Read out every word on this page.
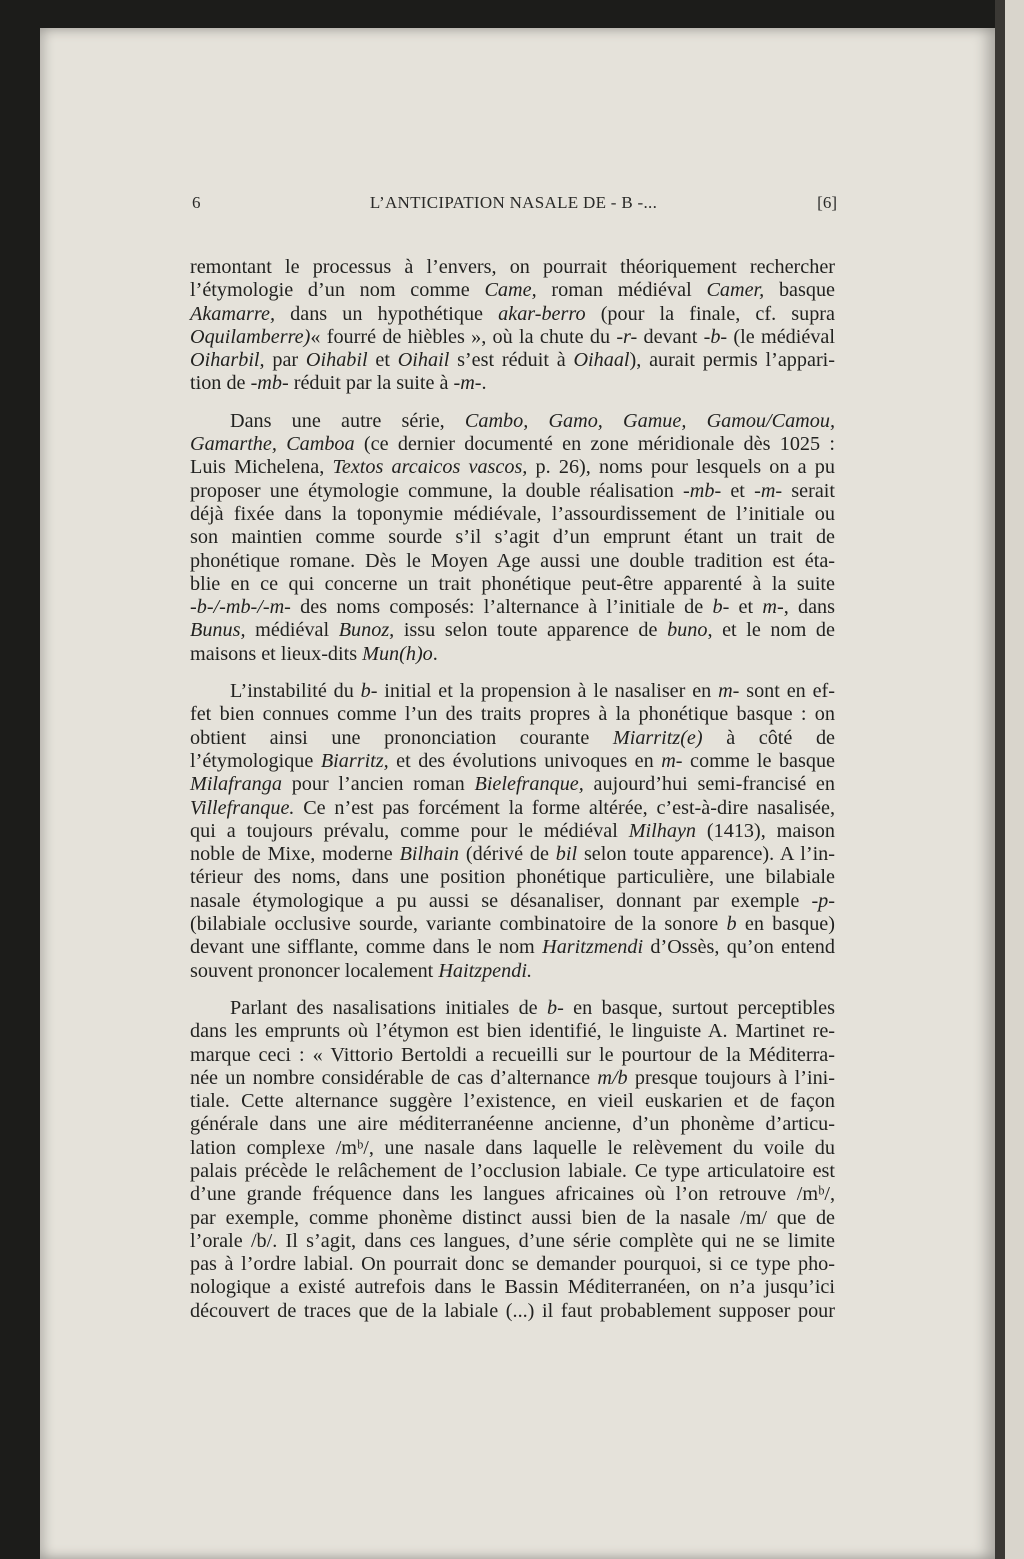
6	L’ANTICIPATION NASALE DE - B -...	[6]
remontant le processus à l’envers, on pourrait théoriquement rechercher
l’étymologie d’un nom comme Came, roman médiéval Camer, basque
Akamarre, dans un hypothétique akar-berro (pour la finale, cf. supra
Oquilamberre)« fourré de hièbles », où la chute du -r- devant -b- (le médiéval
Oiharbil, par Oihabil et Oihail s’est réduit à Oihaal), aurait permis l’appari-
tion de -mb- réduit par la suite à -m-.
Dans une autre série, Cambo, Gamo, Gamue, Gamou/Camou,
Gamarthe, Camboa (ce dernier documenté en zone méridionale dès 1025 :
Luis Michelena, Textos arcaicos vascos, p. 26), noms pour lesquels on a pu
proposer une étymologie commune, la double réalisation -mb- et -m- serait
déjà fixée dans la toponymie médiévale, l’assourdissement de l’initiale ou
son maintien comme sourde s’il s’agit d’un emprunt étant un trait de
phonétique romane. Dès le Moyen Age aussi une double tradition est éta-
blie en ce qui concerne un trait phonétique peut-être apparenté à la suite
-b-/-mb-/-m- des noms composés: l’alternance à l’initiale de b- et m-, dans
Bunus, médiéval Bunoz, issu selon toute apparence de buno, et le nom de
maisons et lieux-dits Mun(h)o.
L’instabilité du b- initial et la propension à le nasaliser en m- sont en ef-
fet bien connues comme l’un des traits propres à la phonétique basque : on
obtient ainsi une prononciation courante Miarritz(e) à côté de
l’étymologique Biarritz, et des évolutions univoques en m- comme le basque
Milafranga pour l’ancien roman Bielefranque, aujourd’hui semi-francisé en
Villefranque. Ce n’est pas forcément la forme altérée, c’est-à-dire nasalisée,
qui a toujours prévalu, comme pour le médiéval Milhayn (1413), maison
noble de Mixe, moderne Bilhain (dérivé de bil selon toute apparence). A l’in-
térieur des noms, dans une position phonétique particulière, une bilabiale
nasale étymologique a pu aussi se désanaliser, donnant par exemple -p-
(bilabiale occlusive sourde, variante combinatoire de la sonore b en basque)
devant une sifflante, comme dans le nom Haritzmendi d’Ossès, qu’on entend
souvent prononcer localement Haitzpendi.
Parlant des nasalisations initiales de b- en basque, surtout perceptibles
dans les emprunts où l’étymon est bien identifié, le linguiste A. Martinet re-
marque ceci : « Vittorio Bertoldi a recueilli sur le pourtour de la Méditerra-
née un nombre considérable de cas d’alternance m/b presque toujours à l’ini-
tiale. Cette alternance suggère l’existence, en vieil euskarien et de façon
générale dans une aire méditerranéenne ancienne, d’un phonème d’articu-
lation complexe /mᵇ/, une nasale dans laquelle le relèvement du voile du
palais précède le relâchement de l’occlusion labiale. Ce type articulatoire est
d’une grande fréquence dans les langues africaines où l’on retrouve /mᵇ/,
par exemple, comme phonème distinct aussi bien de la nasale /m/ que de
l’orale /b/. Il s’agit, dans ces langues, d’une série complète qui ne se limite
pas à l’ordre labial. On pourrait donc se demander pourquoi, si ce type pho-
nologique a existé autrefois dans le Bassin Méditerranéen, on n’a jusqu’ici
découvert de traces que de la labiale (...) il faut probablement supposer pour
